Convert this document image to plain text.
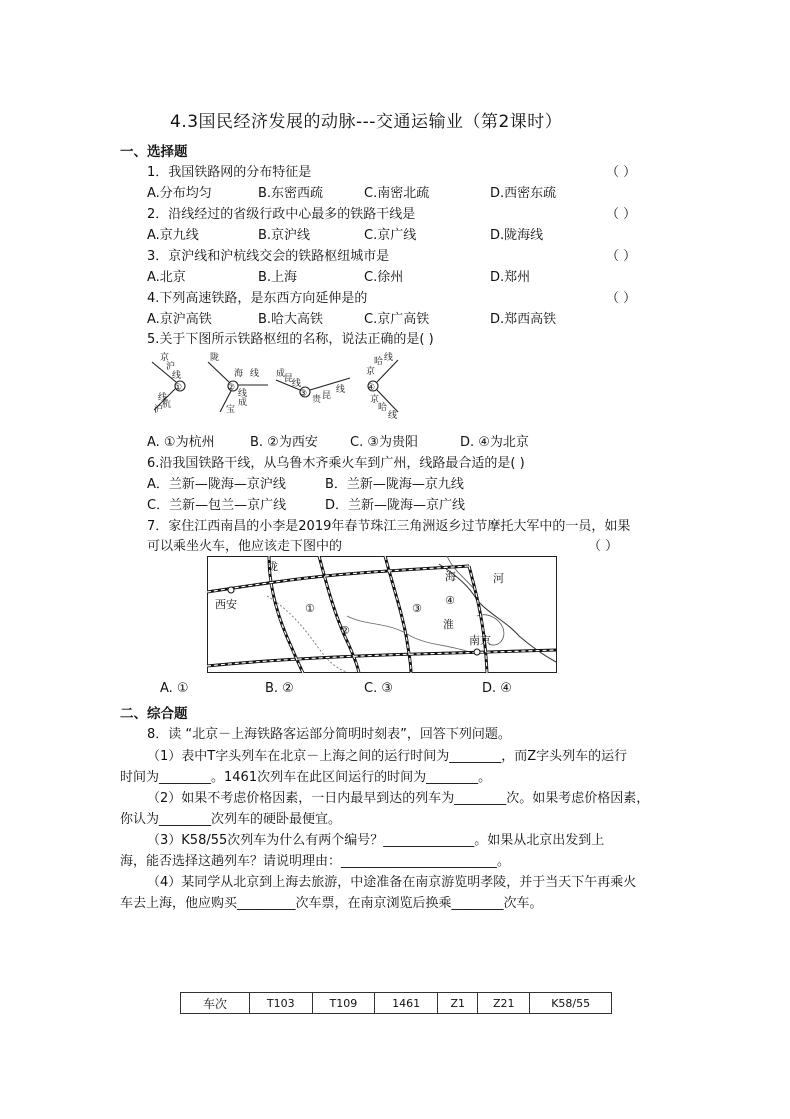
4.3国民经济发展的动脉---交通运输业（第2课时）
一、选择题
1．我国铁路网的分布特征是	（ ）
A.分布均匀	B.东密西疏	C.南密北疏	D.西密东疏
2．沿线经过的省级行政中心最多的铁路干线是	（ ）
A.京九线	B.京沪线	C.京广线	D.陇海线
3．京沪线和沪杭线交会的铁路枢纽城市是	（ ）
A.北京	B.上海	C.徐州	D.郑州
4.下列高速铁路，是东西方向延伸是的	（ ）
A.京沪高铁	B.哈大高铁	C.京广高铁	D.郑西高铁
5.关于下图所示铁路枢纽的名称，说法正确的是( )
①
京
沪
线
沪
杭
线
②
陇
海 线
宝
成
线	③
成
昆
线
贵 昆
线 ④
哈
京
线
京
哈
线
A. ①为杭州	B. ②为西安 C. ③为贵阳	D. ④为北京
6.沿我国铁路干线，从乌鲁木齐乘火车到广州，线路最合适的是( )
A．兰新—陇海—京沪线	B．兰新—陇海—京九线
C．兰新—包兰—京广线	D．兰新—陇海—京广线
7．家住江西南昌的小李是2019年春节珠江三角洲返乡过节摩托大军中的一员，如果
可以乘坐火车，他应该走下图中的	（ ）
西安
南京
陇
海
淮
河
①
②
③
④
A. ①	B. ②	C. ③	D. ④
二、综合题
8．读 “北京－上海铁路客运部分简明时刻表”，回答下列问题。
（1）表中T字头列车在北京－上海之间的运行时间为________，而Z字头列车的运行
时间为________。1461次列车在此区间运行的时间为________。
（2）如果不考虑价格因素，一日内最早到达的列车为________次。如果考虑价格因素，
你认为________次列车的硬卧最便宜。
（3）K58/55次列车为什么有两个编号？______________。如果从北京出发到上
海，能否选择这趟列车？请说明理由：________________________。
（4）某同学从北京到上海去旅游，中途准备在南京游览明孝陵，并于当天下午再乘火
车去上海，他应购买_________次车票，在南京浏览后换乘________次车。
车次	T103	T109	1461	Z1	Z21	K58/55
